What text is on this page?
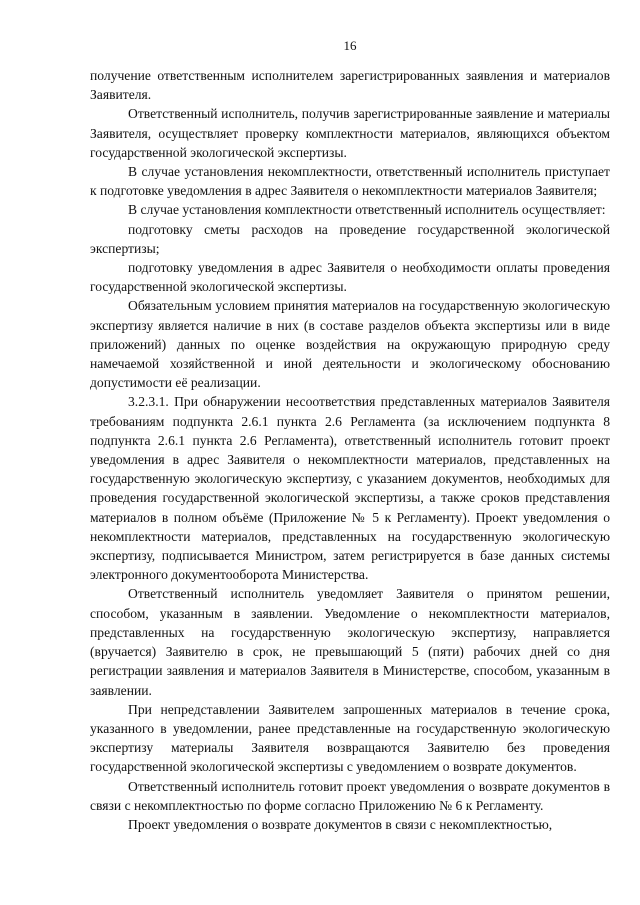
16

получение ответственным исполнителем зарегистрированных заявления и материалов Заявителя.

Ответственный исполнитель, получив зарегистрированные заявление и материалы Заявителя, осуществляет проверку комплектности материалов, являющихся объектом государственной экологической экспертизы.

В случае установления некомплектности, ответственный исполнитель приступает к подготовке уведомления в адрес Заявителя о некомплектности материалов Заявителя;

В случае установления комплектности ответственный исполнитель осуществляет:

подготовку сметы расходов на проведение государственной экологической экспертизы;

подготовку уведомления в адрес Заявителя о необходимости оплаты проведения государственной экологической экспертизы.

Обязательным условием принятия материалов на государственную экологическую экспертизу является наличие в них (в составе разделов объекта экспертизы или в виде приложений) данных по оценке воздействия на окружающую природную среду намечаемой хозяйственной и иной деятельности и экологическому обоснованию допустимости её реализации.

3.2.3.1. При обнаружении несоответствия представленных материалов Заявителя требованиям подпункта 2.6.1 пункта 2.6 Регламента (за исключением подпункта 8 подпункта 2.6.1 пункта 2.6 Регламента), ответственный исполнитель готовит проект уведомления в адрес Заявителя о некомплектности материалов, представленных на государственную экологическую экспертизу, с указанием документов, необходимых для проведения государственной экологической экспертизы, а также сроков представления материалов в полном объёме (Приложение № 5 к Регламенту). Проект уведомления о некомплектности материалов, представленных на государственную экологическую экспертизу, подписывается Министром, затем регистрируется в базе данных системы электронного документооборота Министерства.

Ответственный исполнитель уведомляет Заявителя о принятом решении, способом, указанным в заявлении. Уведомление о некомплектности материалов, представленных на государственную экологическую экспертизу, направляется (вручается) Заявителю в срок, не превышающий 5 (пяти) рабочих дней со дня регистрации заявления и материалов Заявителя в Министерстве, способом, указанным в заявлении.

При непредставлении Заявителем запрошенных материалов в течение срока, указанного в уведомлении, ранее представленные на государственную экологическую экспертизу материалы Заявителя возвращаются Заявителю без проведения государственной экологической экспертизы с уведомлением о возврате документов.

Ответственный исполнитель готовит проект уведомления о возврате документов в связи с некомплектностью по форме согласно Приложению № 6 к Регламенту.

Проект уведомления о возврате документов в связи с некомплектностью,
